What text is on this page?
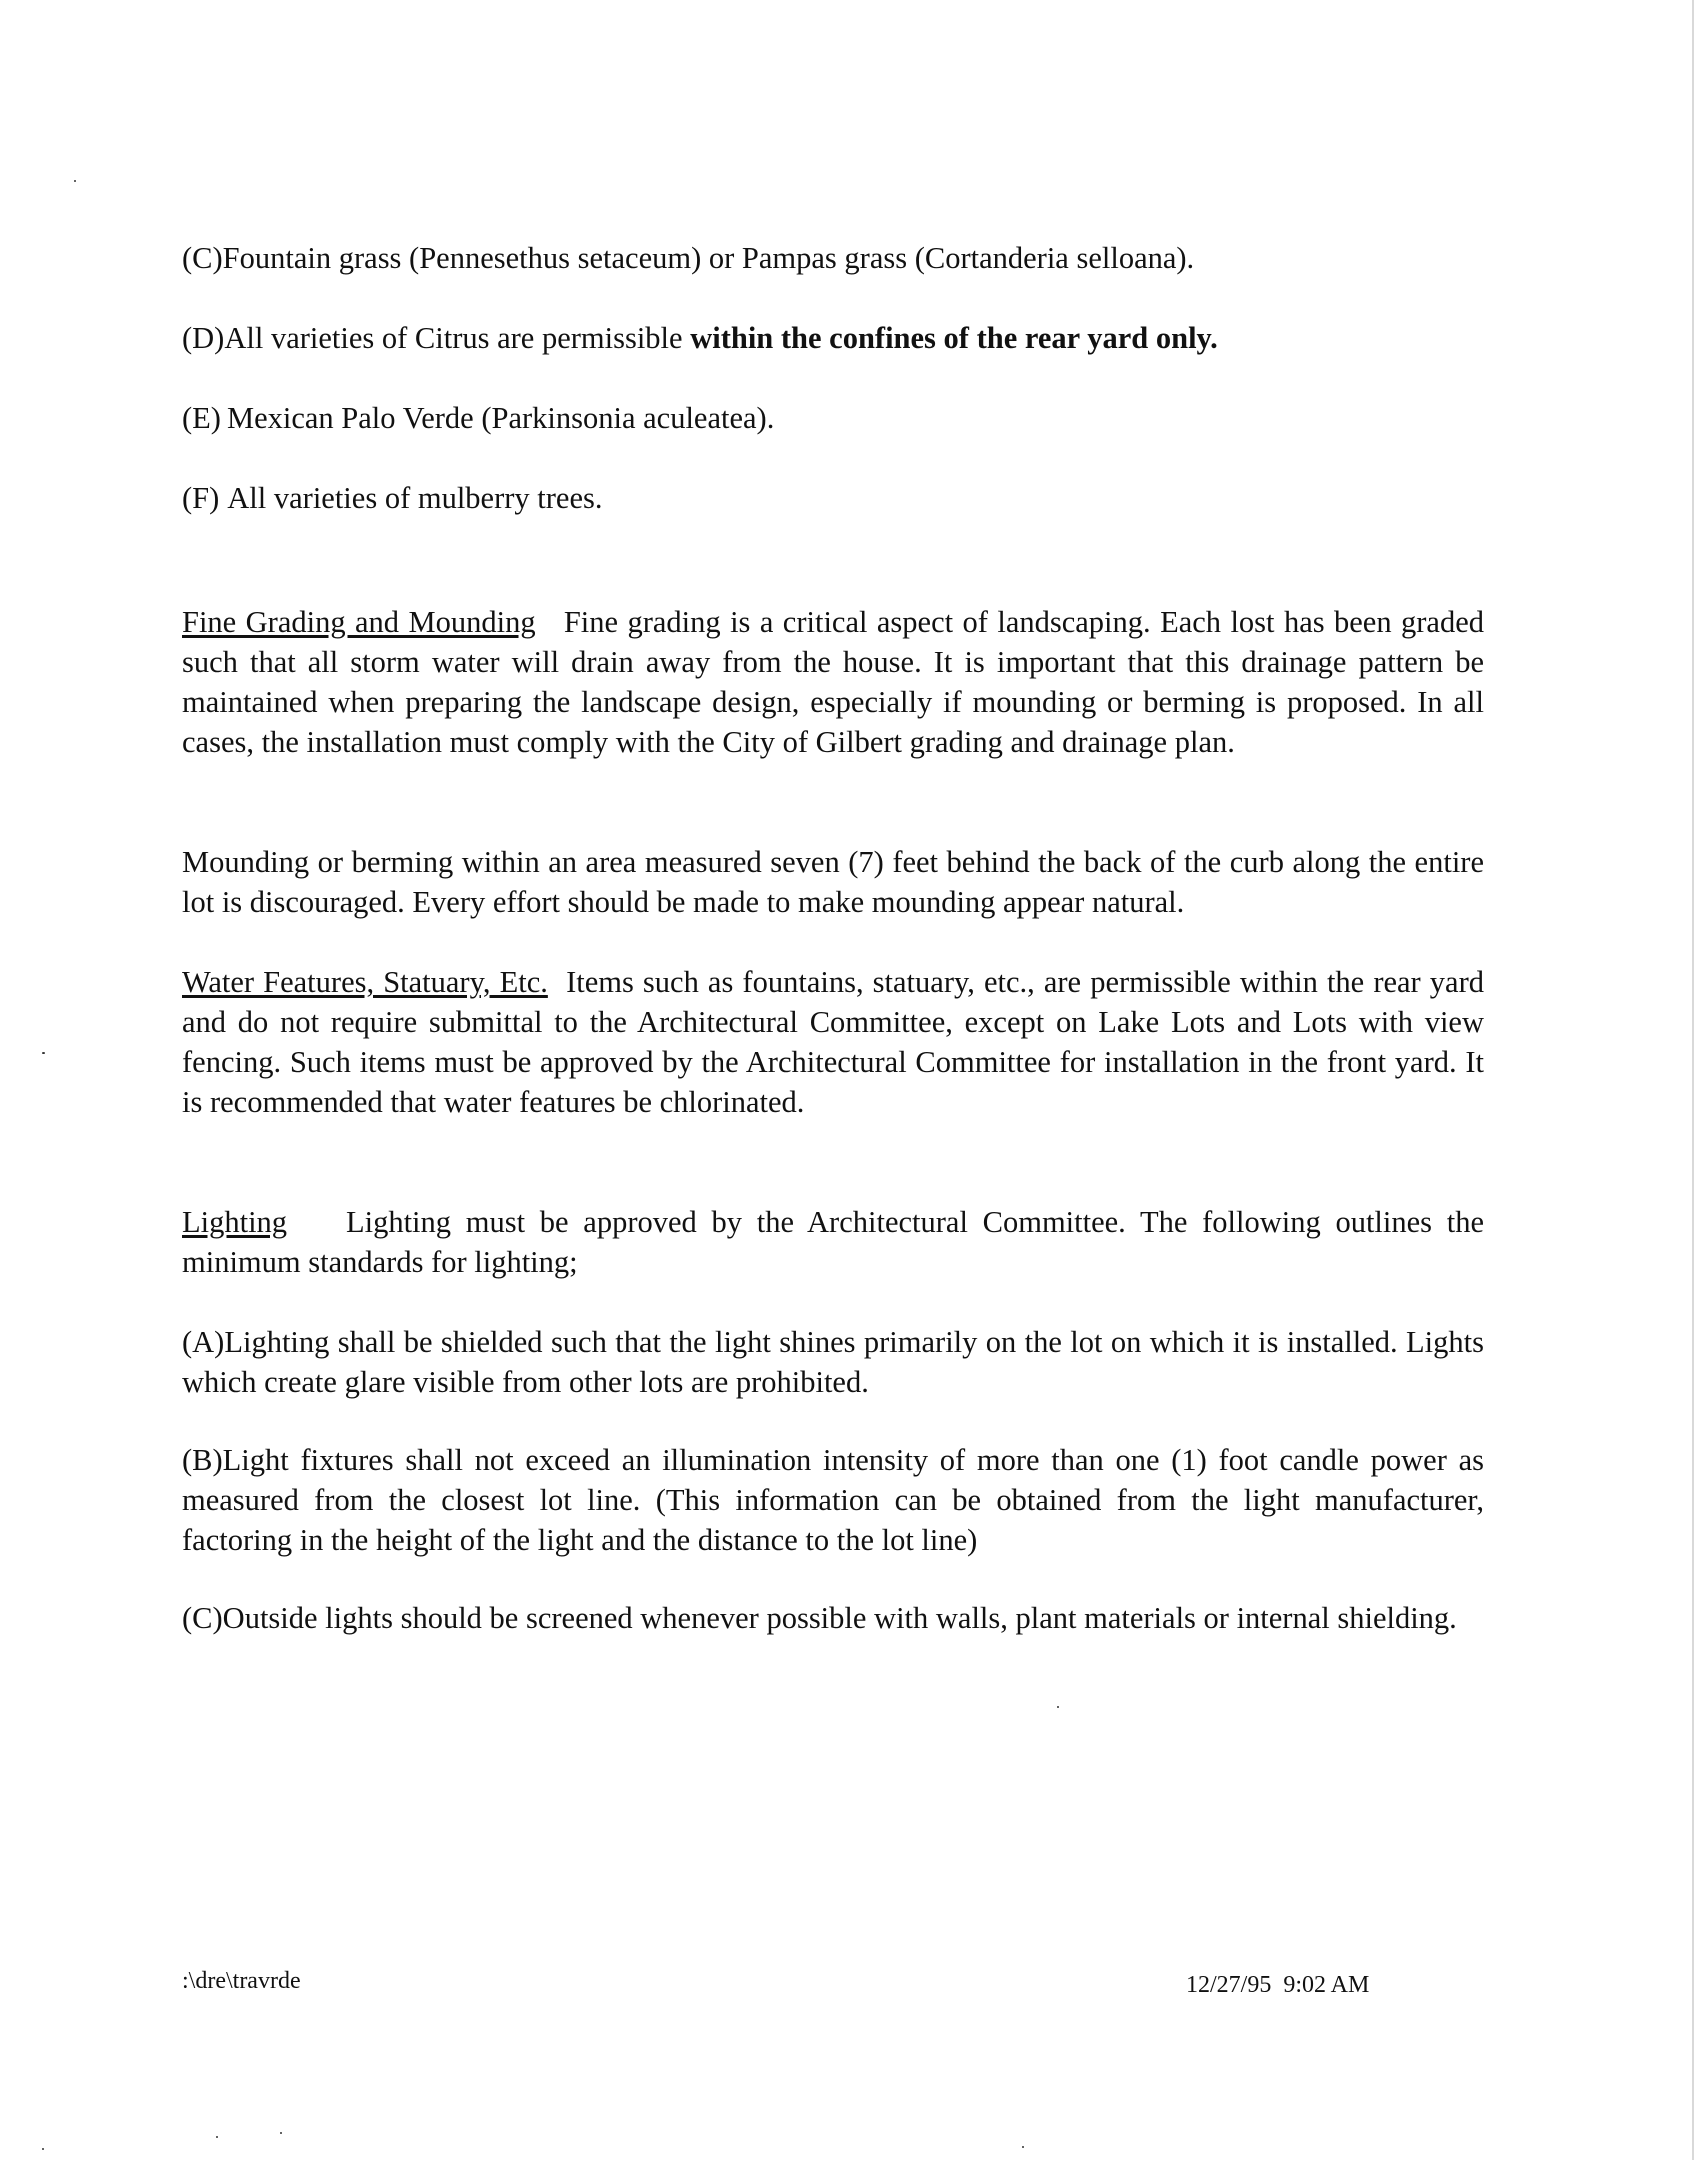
(C) Fountain grass (Pennesethus setaceum) or Pampas grass (Cortanderia selloana).
(D) All varieties of Citrus are permissible within the confines of the rear yard only.
(E) Mexican Palo Verde (Parkinsonia aculeatea).
(F) All varieties of mulberry trees.

Fine Grading and Mounding Fine grading is a critical aspect of landscaping. Each lost has been graded such that all storm water will drain away from the house. It is important that this drainage pattern be maintained when preparing the landscape design, especially if mounding or berming is proposed. In all cases, the installation must comply with the City of Gilbert grading and drainage plan.

Mounding or berming within an area measured seven (7) feet behind the back of the curb along the entire lot is discouraged. Every effort should be made to make mounding appear natural.

Water Features, Statuary, Etc. Items such as fountains, statuary, etc., are permissible within the rear yard and do not require submittal to the Architectural Committee, except on Lake Lots and Lots with view fencing. Such items must be approved by the Architectural Committee for installation in the front yard. It is recommended that water features be chlorinated.

Lighting Lighting must be approved by the Architectural Committee. The following outlines the minimum standards for lighting;

(A)Lighting shall be shielded such that the light shines primarily on the lot on which it is installed. Lights which create glare visible from other lots are prohibited.

(B)Light fixtures shall not exceed an illumination intensity of more than one (1) foot candle power as measured from the closest lot line. (This information can be obtained from the light manufacturer, factoring in the height of the light and the distance to the lot line)

(C)Outside lights should be screened whenever possible with walls, plant materials or internal shielding.

:\dre\travrde	12/27/95  9:02 AM
